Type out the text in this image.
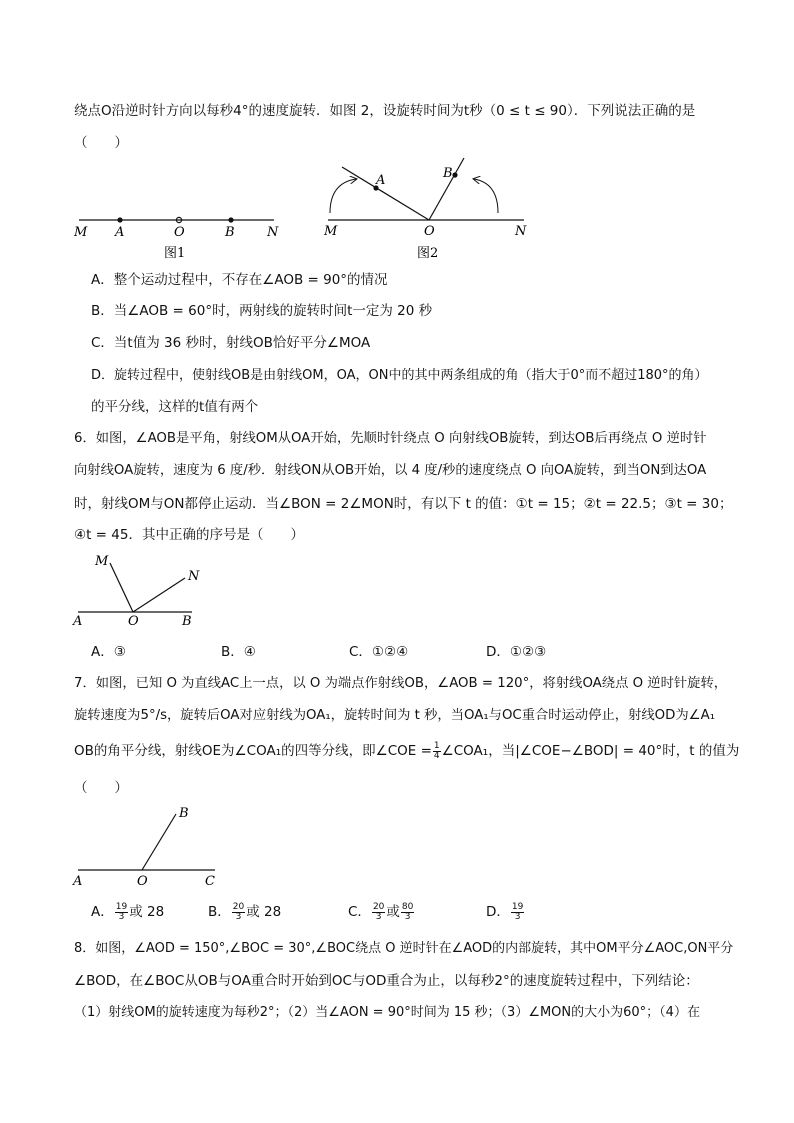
绕点O沿逆时针方向以每秒4°的速度旋转．如图 2，设旋转时间为t秒（0 ≤ t ≤ 90）．下列说法正确的是
（　　）
M A	O	B N
图1
M
A	B
O	N
图2
A．整个运动过程中，不存在∠AOB = 90°的情况
B．当∠AOB = 60°时，两射线的旋转时间t一定为 20 秒
C．当t值为 36 秒时，射线OB恰好平分∠MOA
D．旋转过程中，使射线OB是由射线OM，OA，ON中的其中两条组成的角（指大于0°而不超过180°的角）
的平分线，这样的t值有两个
6．如图，∠AOB是平角，射线OM从OA开始，先顺时针绕点 O 向射线OB旋转，到达OB后再绕点 O 逆时针
向射线OA旋转，速度为 6 度/秒．射线ON从OB开始，以 4 度/秒的速度绕点 O 向OA旋转，到当ON到达OA
时，射线OM与ON都停止运动．当∠BON = 2∠MON时，有以下 t 的值：①t = 15；②t = 22.5；③t = 30；
④t = 45．其中正确的序号是（　　）
M
N
A	O	B
A．③	B．④	C．①②④	D．①②③
7．如图，已知 O 为直线AC上一点，以 O 为端点作射线OB，∠AOB = 120°，将射线OA绕点 O 逆时针旋转，
旋转速度为5°/s，旋转后OA对应射线为OA₁，旋转时间为 t 秒，当OA₁与OC重合时运动停止，射线OD为∠A₁
OB的角平分线，射线OE为∠COA₁的四等分线，即∠COE = $\frac{1}{4}$ ∠COA₁，当|∠COE−∠BOD| = 40°时，t 的值为
（　　）
B
A	O	C
A． $\frac{19}{3}$ 或 28	B． $\frac{20}{3}$ 或 28	C． $\frac{20}{3}$ 或 $\frac{80}{3}$	D． $\frac{19}{3}$
8．如图，∠AOD = 150°,∠BOC = 30°,∠BOC绕点 O 逆时针在∠AOD的内部旋转，其中OM平分∠AOC,ON平分
∠BOD，在∠BOC从OB与OA重合时开始到OC与OD重合为止，以每秒2°的速度旋转过程中，下列结论：
（1）射线OM的旋转速度为每秒2°；（2）当∠AON = 90°时间为 15 秒；（3）∠MON的大小为60°；（4）在
